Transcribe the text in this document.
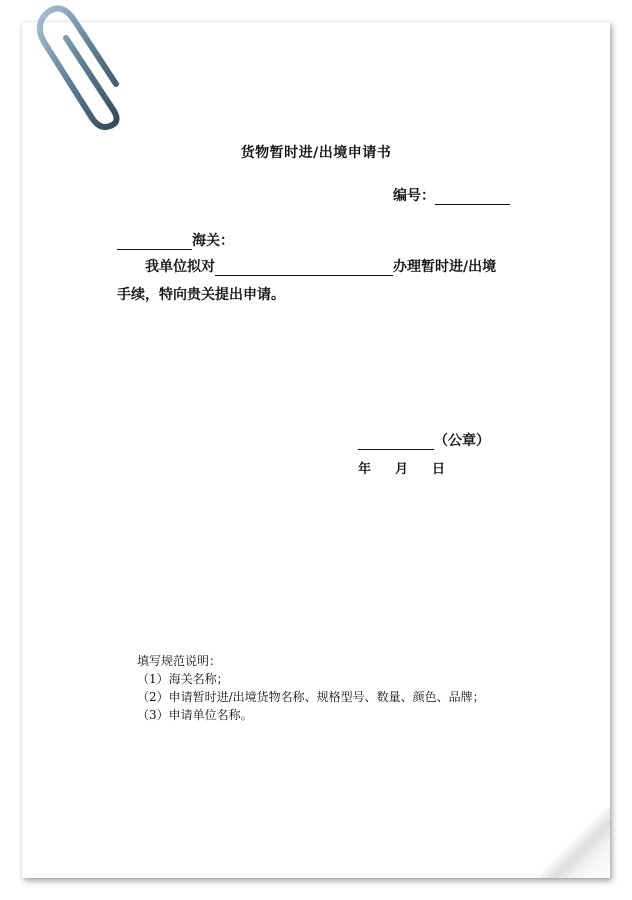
货物暂时进/出境申请书
编号：
海关：
我单位拟对	办理暂时进/出境
手续，特向贵关提出申请。
（公章）
年 月 日
填写规范说明：
（1）海关名称；
（2）申请暂时进/出境货物名称、规格型号、数量、颜色、品牌；
（3）申请单位名称。
